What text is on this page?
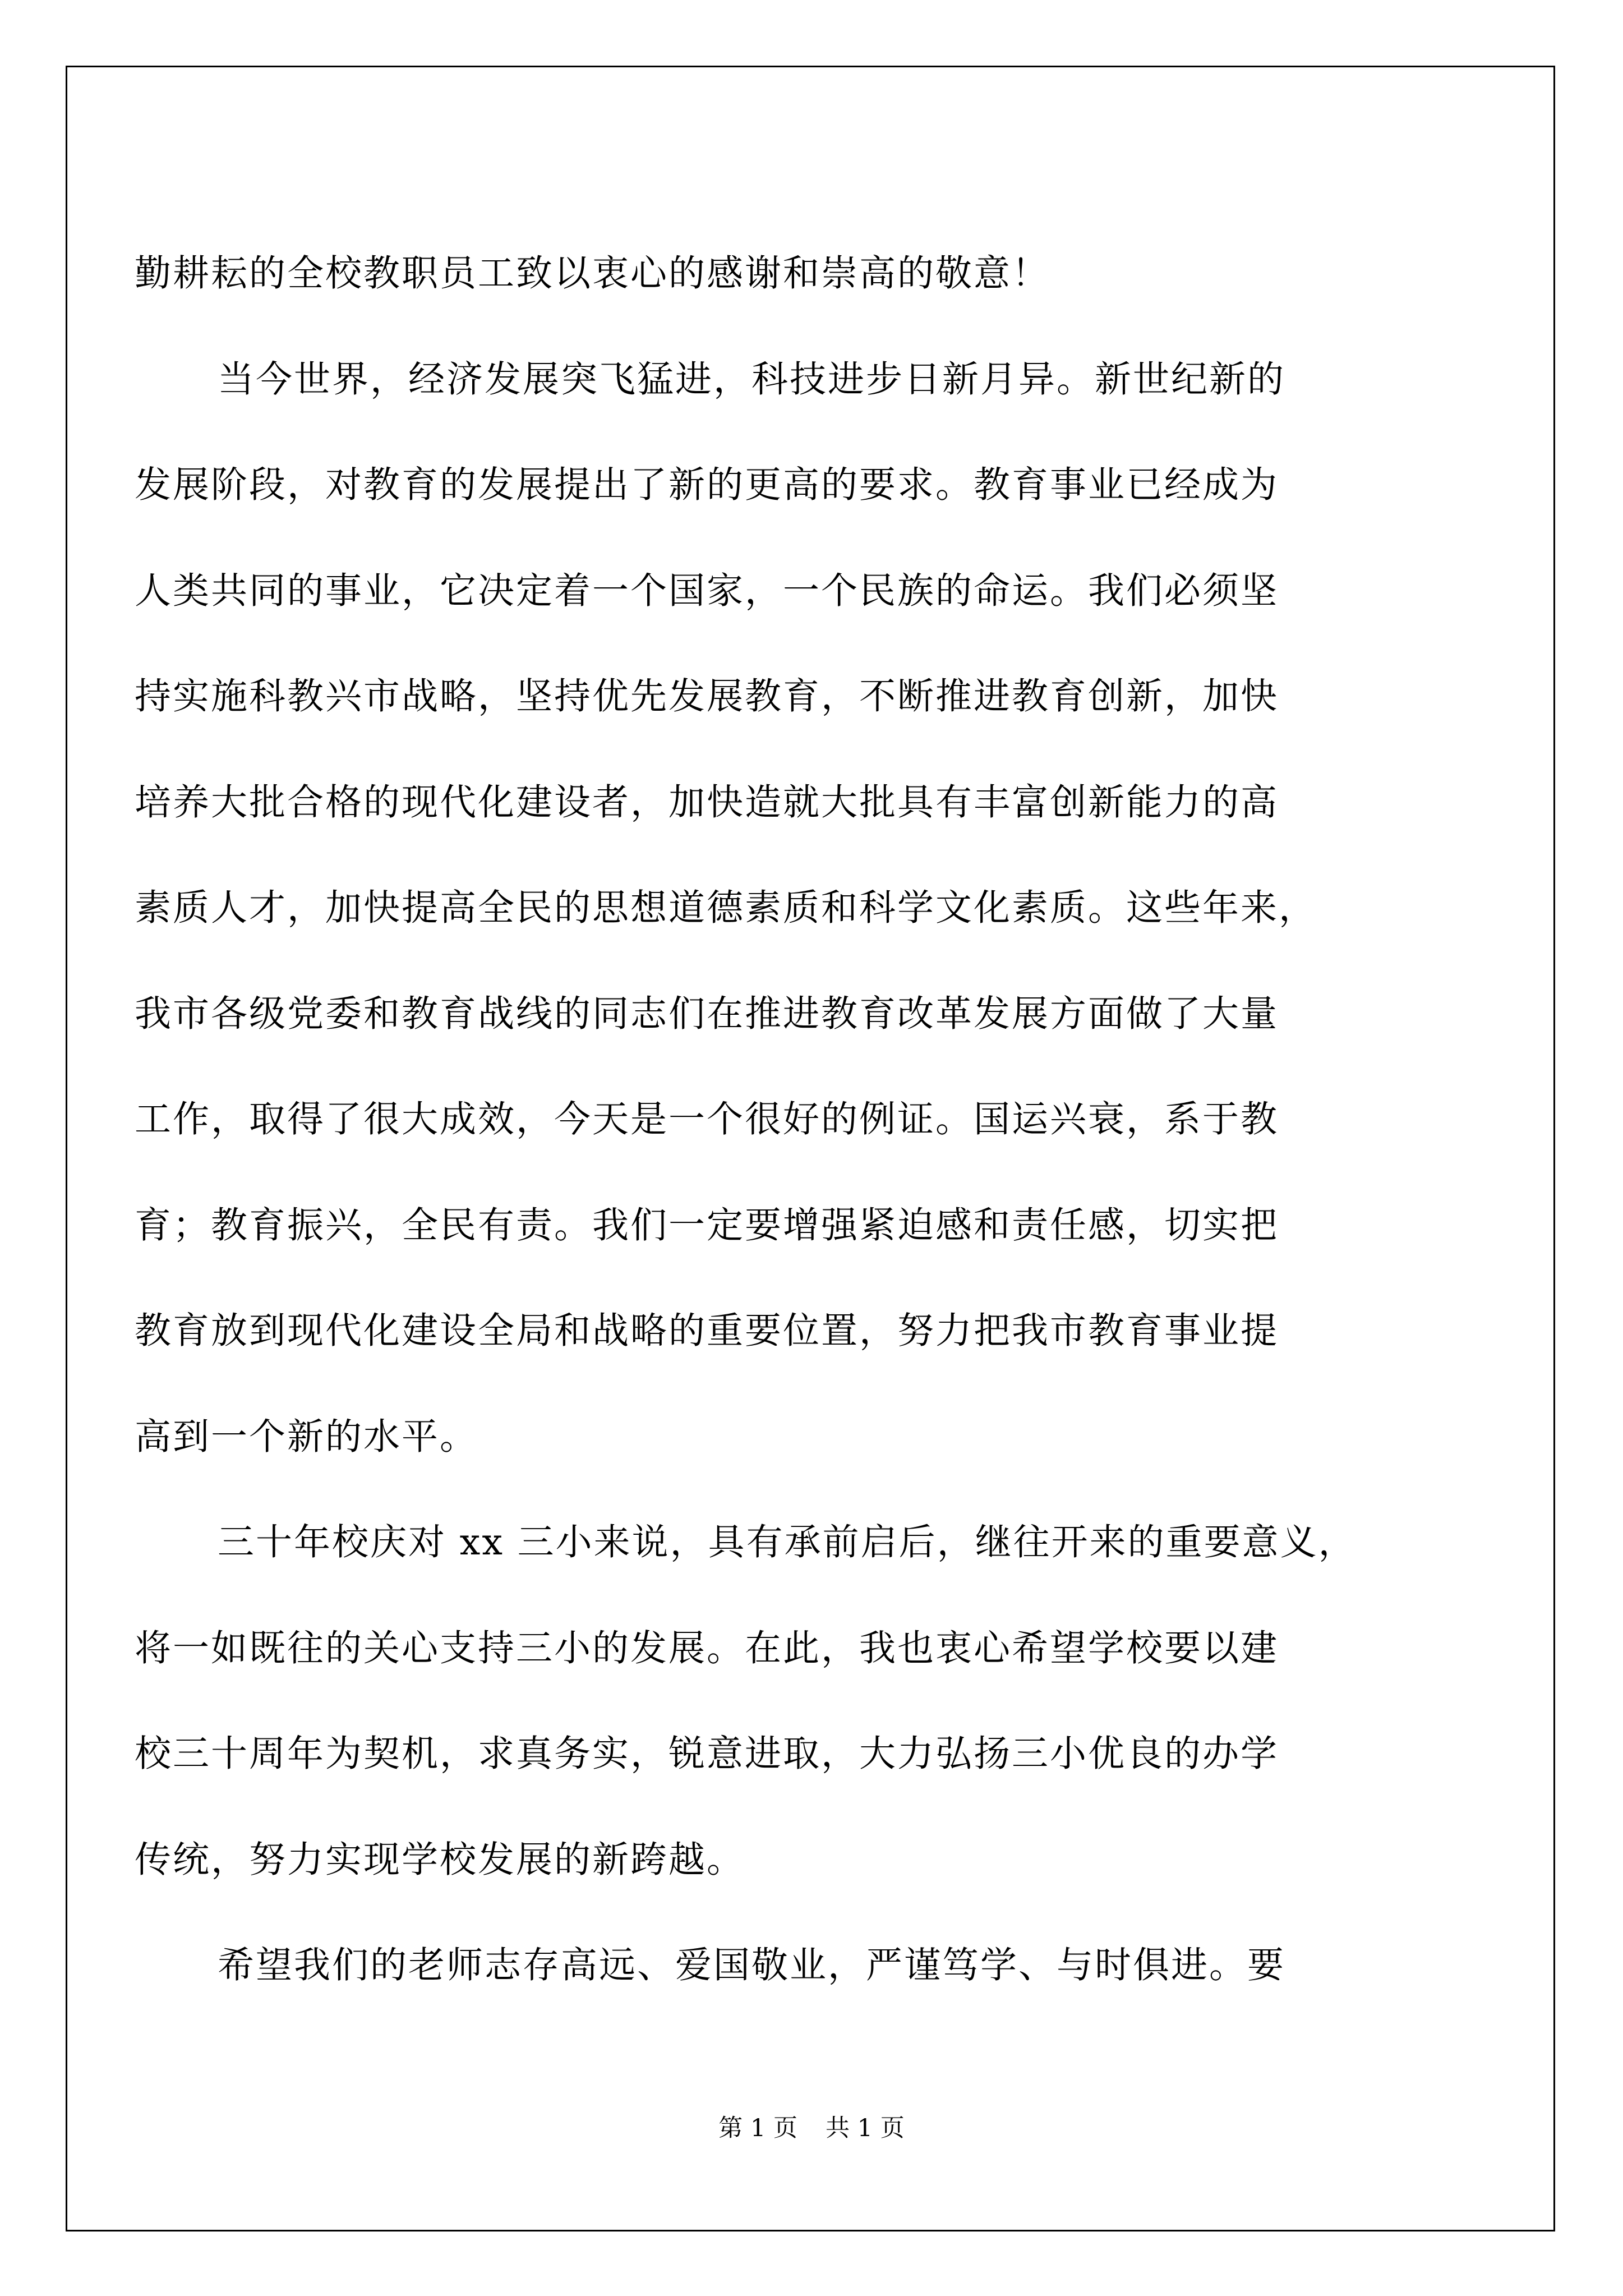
勤耕耘的全校教职员工致以衷心的感谢和崇高的敬意！
当今世界，经济发展突飞猛进，科技进步日新月异。新世纪新的
发展阶段，对教育的发展提出了新的更高的要求。教育事业已经成为
人类共同的事业，它决定着一个国家，一个民族的命运。我们必须坚
持实施科教兴市战略，坚持优先发展教育，不断推进教育创新，加快
培养大批合格的现代化建设者，加快造就大批具有丰富创新能力的高
素质人才，加快提高全民的思想道德素质和科学文化素质。这些年来，
我市各级党委和教育战线的同志们在推进教育改革发展方面做了大量
工作，取得了很大成效，今天是一个很好的例证。国运兴衰，系于教
育；教育振兴，全民有责。我们一定要增强紧迫感和责任感，切实把
教育放到现代化建设全局和战略的重要位置，努力把我市教育事业提
高到一个新的水平。
三十年校庆对 xx 三小来说，具有承前启后，继往开来的重要意义，
将一如既往的关心支持三小的发展。在此，我也衷心希望学校要以建
校三十周年为契机，求真务实，锐意进取，大力弘扬三小优良的办学
传统，努力实现学校发展的新跨越。
希望我们的老师志存高远、爱国敬业，严谨笃学、与时俱进。要
第 1 页 共 1 页
